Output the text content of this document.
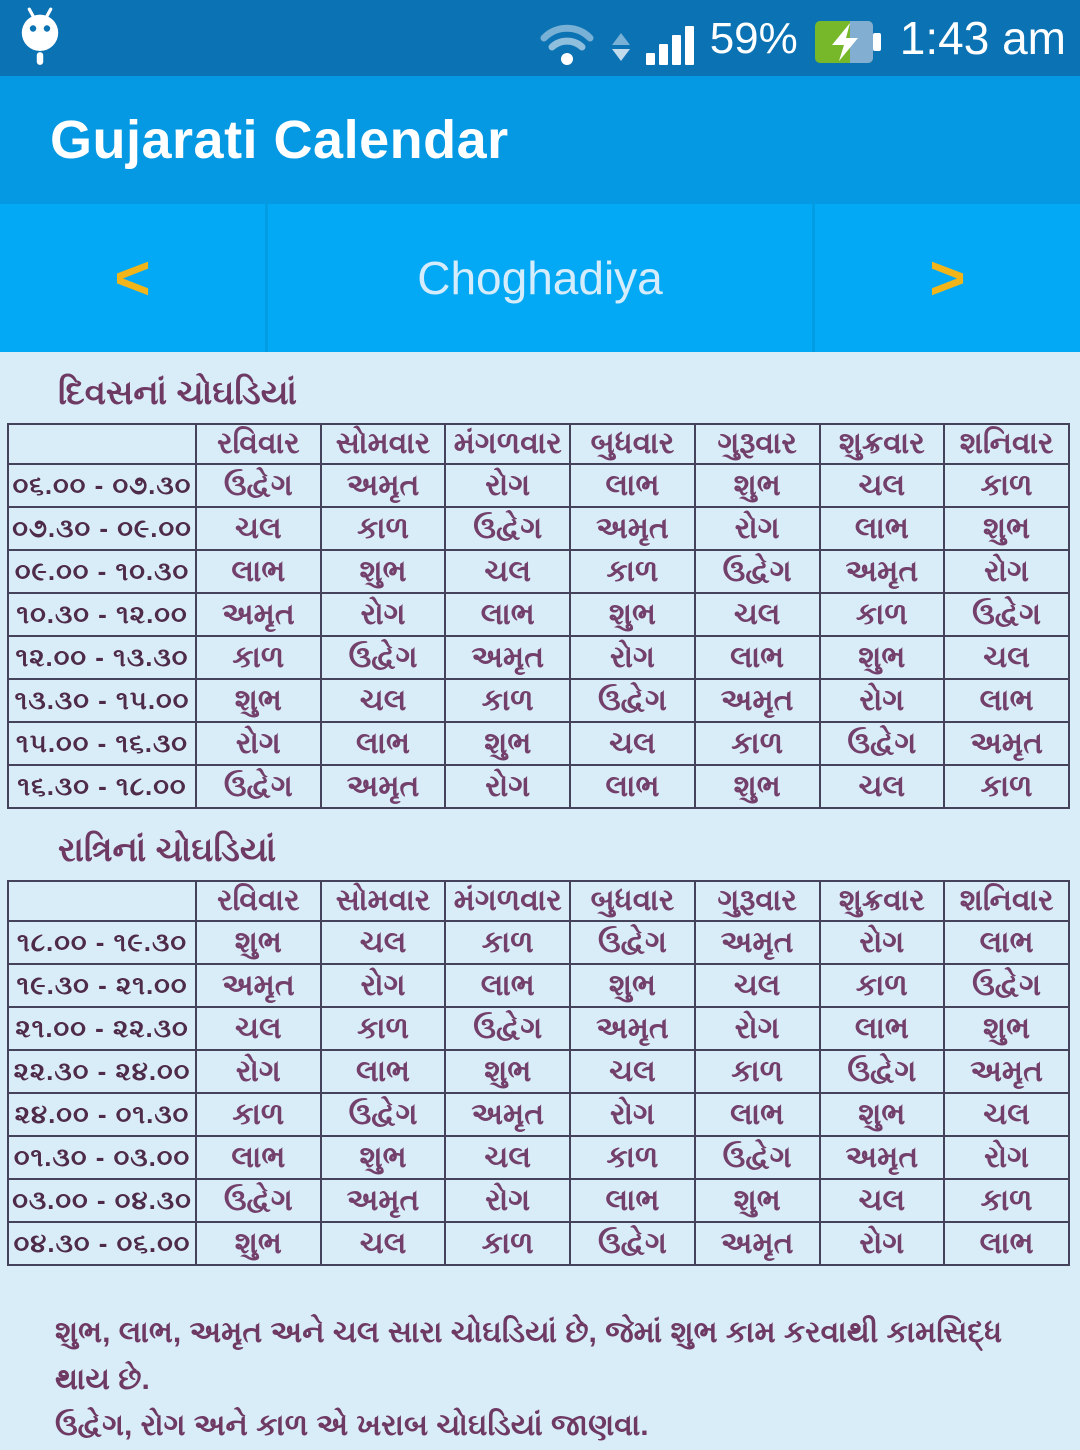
59% 1:43 am
Gujarati Calendar
<	Choghadiya	>
દિવસનાં ચોઘડિયાં
	રવિવાર	સોમવાર	મંગળવાર	બુધવાર	ગુરૂવાર	શુક્રવાર	શનિવાર
૦૬.૦૦ - ૦૭.૩૦	ઉદ્વેગ	અમૃત	રોગ	લાભ	શુભ	ચલ	કાળ
૦૭.૩૦ - ૦૯.૦૦	ચલ	કાળ	ઉદ્વેગ	અમૃત	રોગ	લાભ	શુભ
૦૯.૦૦ - ૧૦.૩૦	લાભ	શુભ	ચલ	કાળ	ઉદ્વેગ	અમૃત	રોગ
૧૦.૩૦ - ૧૨.૦૦	અમૃત	રોગ	લાભ	શુભ	ચલ	કાળ	ઉદ્વેગ
૧૨.૦૦ - ૧૩.૩૦	કાળ	ઉદ્વેગ	અમૃત	રોગ	લાભ	શુભ	ચલ
૧૩.૩૦ - ૧૫.૦૦	શુભ	ચલ	કાળ	ઉદ્વેગ	અમૃત	રોગ	લાભ
૧૫.૦૦ - ૧૬.૩૦	રોગ	લાભ	શુભ	ચલ	કાળ	ઉદ્વેગ	અમૃત
૧૬.૩૦ - ૧૮.૦૦	ઉદ્વેગ	અમૃત	રોગ	લાભ	શુભ	ચલ	કાળ
રાત્રિનાં ચોઘડિયાં
	રવિવાર	સોમવાર	મંગળવાર	બુધવાર	ગુરૂવાર	શુક્રવાર	શનિવાર
૧૮.૦૦ - ૧૯.૩૦	શુભ	ચલ	કાળ	ઉદ્વેગ	અમૃત	રોગ	લાભ
૧૯.૩૦ - ૨૧.૦૦	અમૃત	રોગ	લાભ	શુભ	ચલ	કાળ	ઉદ્વેગ
૨૧.૦૦ - ૨૨.૩૦	ચલ	કાળ	ઉદ્વેગ	અમૃત	રોગ	લાભ	શુભ
૨૨.૩૦ - ૨૪.૦૦	રોગ	લાભ	શુભ	ચલ	કાળ	ઉદ્વેગ	અમૃત
૨૪.૦૦ - ૦૧.૩૦	કાળ	ઉદ્વેગ	અમૃત	રોગ	લાભ	શુભ	ચલ
૦૧.૩૦ - ૦૩.૦૦	લાભ	શુભ	ચલ	કાળ	ઉદ્વેગ	અમૃત	રોગ
૦૩.૦૦ - ૦૪.૩૦	ઉદ્વેગ	અમૃત	રોગ	લાભ	શુભ	ચલ	કાળ
૦૪.૩૦ - ૦૬.૦૦	શુભ	ચલ	કાળ	ઉદ્વેગ	અમૃત	રોગ	લાભ
શુભ, લાભ, અમૃત અને ચલ સારા ચોઘડિયાં છે, જેમાં શુભ કામ કરવાથી કામસિદ્ધ થાય છે.
ઉદ્વેગ, રોગ અને કાળ એ ખરાબ ચોઘડિયાં જાણવા.
